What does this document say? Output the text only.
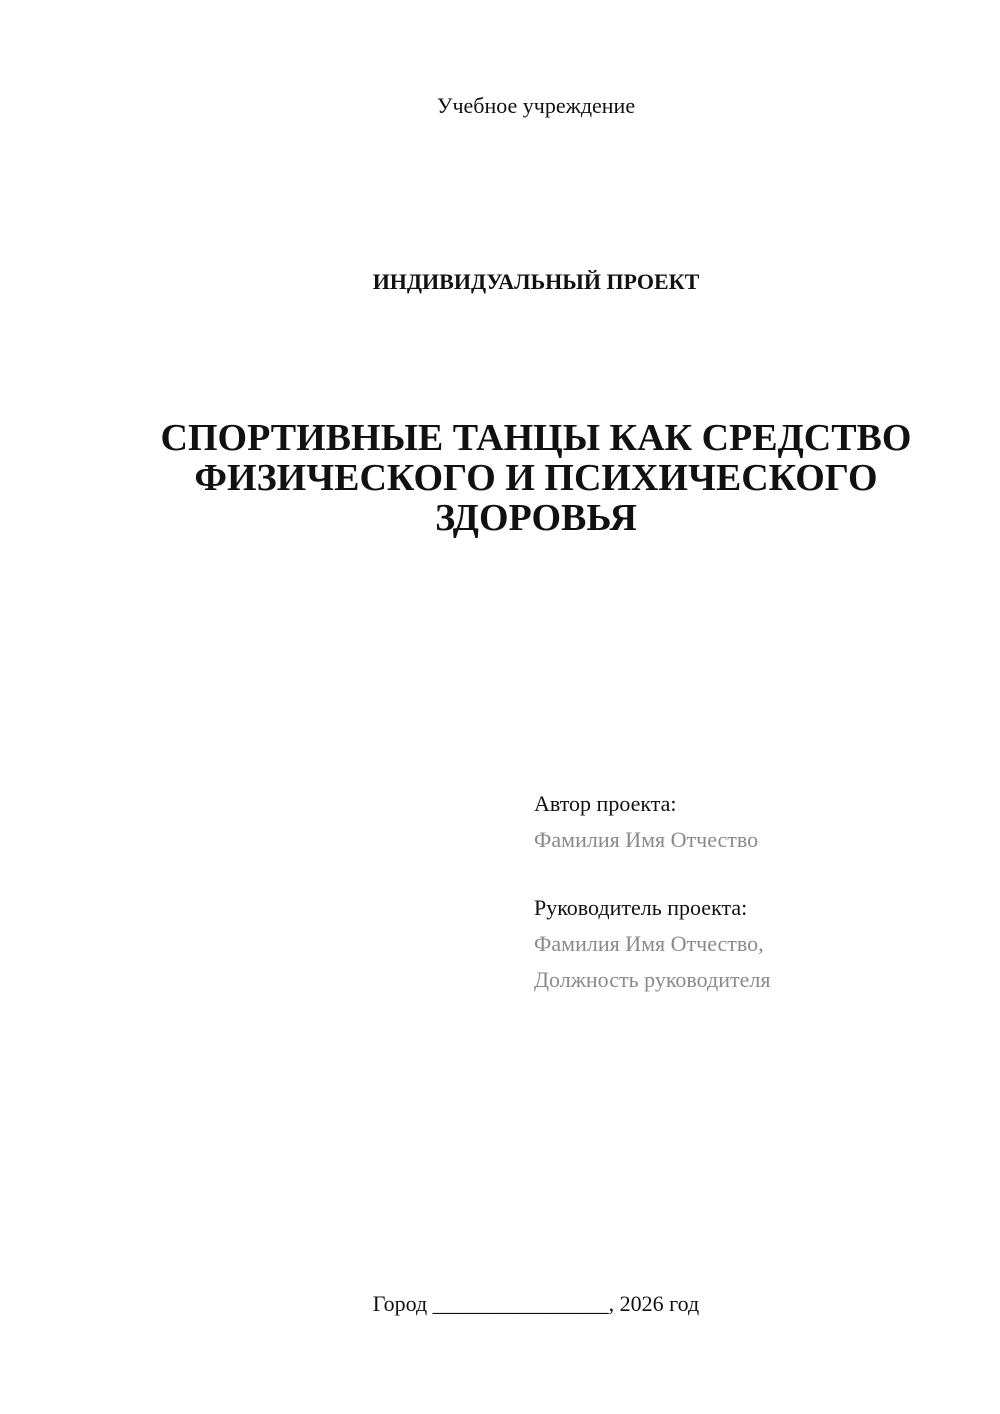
Учебное учреждение
ИНДИВИДУАЛЬНЫЙ ПРОЕКТ
СПОРТИВНЫЕ ТАНЦЫ КАК СРЕДСТВО
ФИЗИЧЕСКОГО И ПСИХИЧЕСКОГО
ЗДОРОВЬЯ
Автор проекта:
Фамилия Имя Отчество
Руководитель проекта:
Фамилия Имя Отчество,
Должность руководителя
Город ________________, 2026 год
